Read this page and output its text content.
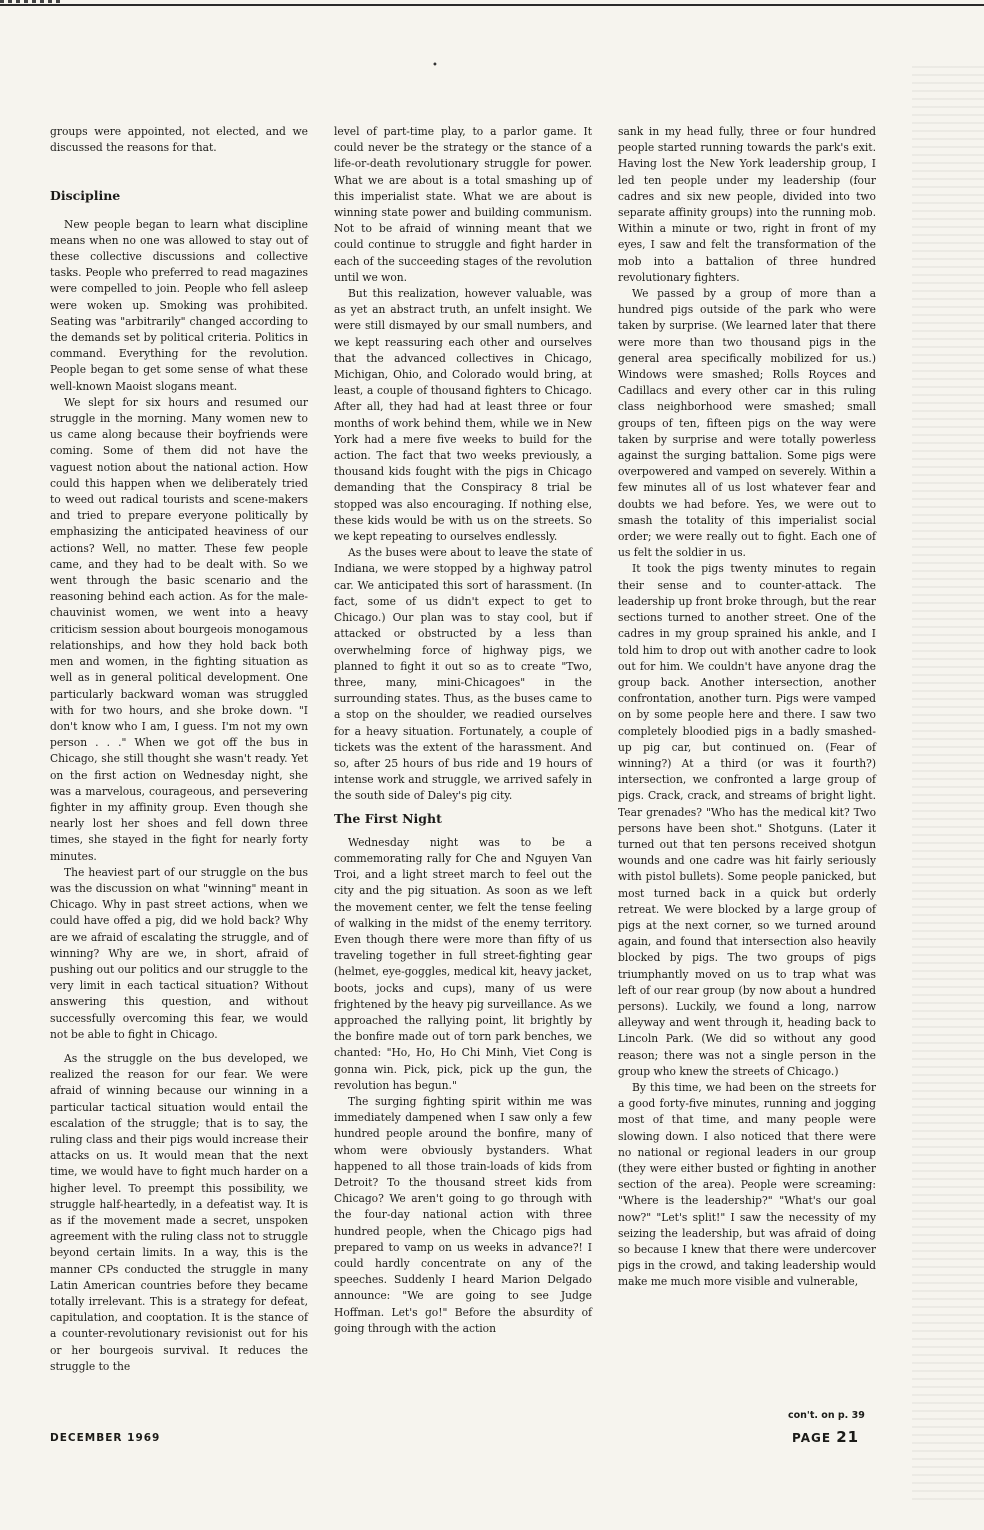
•

groups were appointed, not elected, and we discussed the reasons for that.

Discipline

New people began to learn what discipline means when no one was allowed to stay out of these collective discussions and collective tasks. People who preferred to read magazines were compelled to join. People who fell asleep were woken up. Smoking was prohibited. Seating was "arbitrarily" changed according to the demands set by political criteria. Politics in command. Everything for the revolution. People began to get some sense of what these well-known Maoist slogans meant.

We slept for six hours and resumed our struggle in the morning. Many women new to us came along because their boyfriends were coming. Some of them did not have the vaguest notion about the national action. How could this happen when we deliberately tried to weed out radical tourists and scene-makers and tried to prepare everyone politically by emphasizing the anticipated heaviness of our actions? Well, no matter. These few people came, and they had to be dealt with. So we went through the basic scenario and the reasoning behind each action. As for the male-chauvinist women, we went into a heavy criticism session about bourgeois monogamous relationships, and how they hold back both men and women, in the fighting situation as well as in general political development. One particularly backward woman was struggled with for two hours, and she broke down. "I don't know who I am, I guess. I'm not my own person . . ." When we got off the bus in Chicago, she still thought she wasn't ready. Yet on the first action on Wednesday night, she was a marvelous, courageous, and persevering fighter in my affinity group. Even though she nearly lost her shoes and fell down three times, she stayed in the fight for nearly forty minutes.

The heaviest part of our struggle on the bus was the discussion on what "winning" meant in Chicago. Why in past street actions, when we could have offed a pig, did we hold back? Why are we afraid of escalating the struggle, and of winning? Why are we, in short, afraid of pushing out our politics and our struggle to the very limit in each tactical situation? Without answering this question, and without successfully overcoming this fear, we would not be able to fight in Chicago.

As the struggle on the bus developed, we realized the reason for our fear. We were afraid of winning because our winning in a particular tactical situation would entail the escalation of the struggle; that is to say, the ruling class and their pigs would increase their attacks on us. It would mean that the next time, we would have to fight much harder on a higher level. To preempt this possibility, we struggle half-heartedly, in a defeatist way. It is as if the movement made a secret, unspoken agreement with the ruling class not to struggle beyond certain limits. In a way, this is the manner CPs conducted the struggle in many Latin American countries before they became totally irrelevant. This is a strategy for defeat, capitulation, and cooptation. It is the stance of a counter-revolutionary revisionist out for his or her bourgeois survival. It reduces the struggle to the

level of part-time play, to a parlor game. It could never be the strategy or the stance of a life-or-death revolutionary struggle for power. What we are about is a total smashing up of this imperialist state. What we are about is winning state power and building communism. Not to be afraid of winning meant that we could continue to struggle and fight harder in each of the succeeding stages of the revolution until we won.

But this realization, however valuable, was as yet an abstract truth, an unfelt insight. We were still dismayed by our small numbers, and we kept reassuring each other and ourselves that the advanced collectives in Chicago, Michigan, Ohio, and Colorado would bring, at least, a couple of thousand fighters to Chicago. After all, they had had at least three or four months of work behind them, while we in New York had a mere five weeks to build for the action. The fact that two weeks previously, a thousand kids fought with the pigs in Chicago demanding that the Conspiracy 8 trial be stopped was also encouraging. If nothing else, these kids would be with us on the streets. So we kept repeating to ourselves endlessly.

As the buses were about to leave the state of Indiana, we were stopped by a highway patrol car. We anticipated this sort of harassment. (In fact, some of us didn't expect to get to Chicago.) Our plan was to stay cool, but if attacked or obstructed by a less than overwhelming force of highway pigs, we planned to fight it out so as to create "Two, three, many, mini-Chicagoes" in the surrounding states. Thus, as the buses came to a stop on the shoulder, we readied ourselves for a heavy situation. Fortunately, a couple of tickets was the extent of the harassment. And so, after 25 hours of bus ride and 19 hours of intense work and struggle, we arrived safely in the south side of Daley's pig city.

The First Night

Wednesday night was to be a commemorating rally for Che and Nguyen Van Troi, and a light street march to feel out the city and the pig situation. As soon as we left the movement center, we felt the tense feeling of walking in the midst of the enemy territory. Even though there were more than fifty of us traveling together in full street-fighting gear (helmet, eye-goggles, medical kit, heavy jacket, boots, jocks and cups), many of us were frightened by the heavy pig surveillance. As we approached the rallying point, lit brightly by the bonfire made out of torn park benches, we chanted: "Ho, Ho, Ho Chi Minh, Viet Cong is gonna win. Pick, pick, pick up the gun, the revolution has begun."

The surging fighting spirit within me was immediately dampened when I saw only a few hundred people around the bonfire, many of whom were obviously bystanders. What happened to all those train-loads of kids from Detroit? To the thousand street kids from Chicago? We aren't going to go through with the four-day national action with three hundred people, when the Chicago pigs had prepared to vamp on us weeks in advance?! I could hardly concentrate on any of the speeches. Suddenly I heard Marion Delgado announce: "We are going to see Judge Hoffman. Let's go!" Before the absurdity of going through with the action

sank in my head fully, three or four hundred people started running towards the park's exit. Having lost the New York leadership group, I led ten people under my leadership (four cadres and six new people, divided into two separate affinity groups) into the running mob. Within a minute or two, right in front of my eyes, I saw and felt the transformation of the mob into a battalion of three hundred revolutionary fighters.

We passed by a group of more than a hundred pigs outside of the park who were taken by surprise. (We learned later that there were more than two thousand pigs in the general area specifically mobilized for us.) Windows were smashed; Rolls Royces and Cadillacs and every other car in this ruling class neighborhood were smashed; small groups of ten, fifteen pigs on the way were taken by surprise and were totally powerless against the surging battalion. Some pigs were overpowered and vamped on severely. Within a few minutes all of us lost whatever fear and doubts we had before. Yes, we were out to smash the totality of this imperialist social order; we were really out to fight. Each one of us felt the soldier in us.

It took the pigs twenty minutes to regain their sense and to counter-attack. The leadership up front broke through, but the rear sections turned to another street. One of the cadres in my group sprained his ankle, and I told him to drop out with another cadre to look out for him. We couldn't have anyone drag the group back. Another intersection, another confrontation, another turn. Pigs were vamped on by some people here and there. I saw two completely bloodied pigs in a badly smashed-up pig car, but continued on. (Fear of winning?) At a third (or was it fourth?) intersection, we confronted a large group of pigs. Crack, crack, and streams of bright light. Tear grenades? "Who has the medical kit? Two persons have been shot." Shotguns. (Later it turned out that ten persons received shotgun wounds and one cadre was hit fairly seriously with pistol bullets). Some people panicked, but most turned back in a quick but orderly retreat. We were blocked by a large group of pigs at the next corner, so we turned around again, and found that intersection also heavily blocked by pigs. The two groups of pigs triumphantly moved on us to trap what was left of our rear group (by now about a hundred persons). Luckily, we found a long, narrow alleyway and went through it, heading back to Lincoln Park. (We did so without any good reason; there was not a single person in the group who knew the streets of Chicago.)

By this time, we had been on the streets for a good forty-five minutes, running and jogging most of that time, and many people were slowing down. I also noticed that there were no national or regional leaders in our group (they were either busted or fighting in another section of the area). People were screaming: "Where is the leadership?" "What's our goal now?" "Let's split!" I saw the necessity of my seizing the leadership, but was afraid of doing so because I knew that there were undercover pigs in the crowd, and taking leadership would make me much more visible and vulnerable,

DECEMBER 1969
con't. on p. 39
PAGE 21
